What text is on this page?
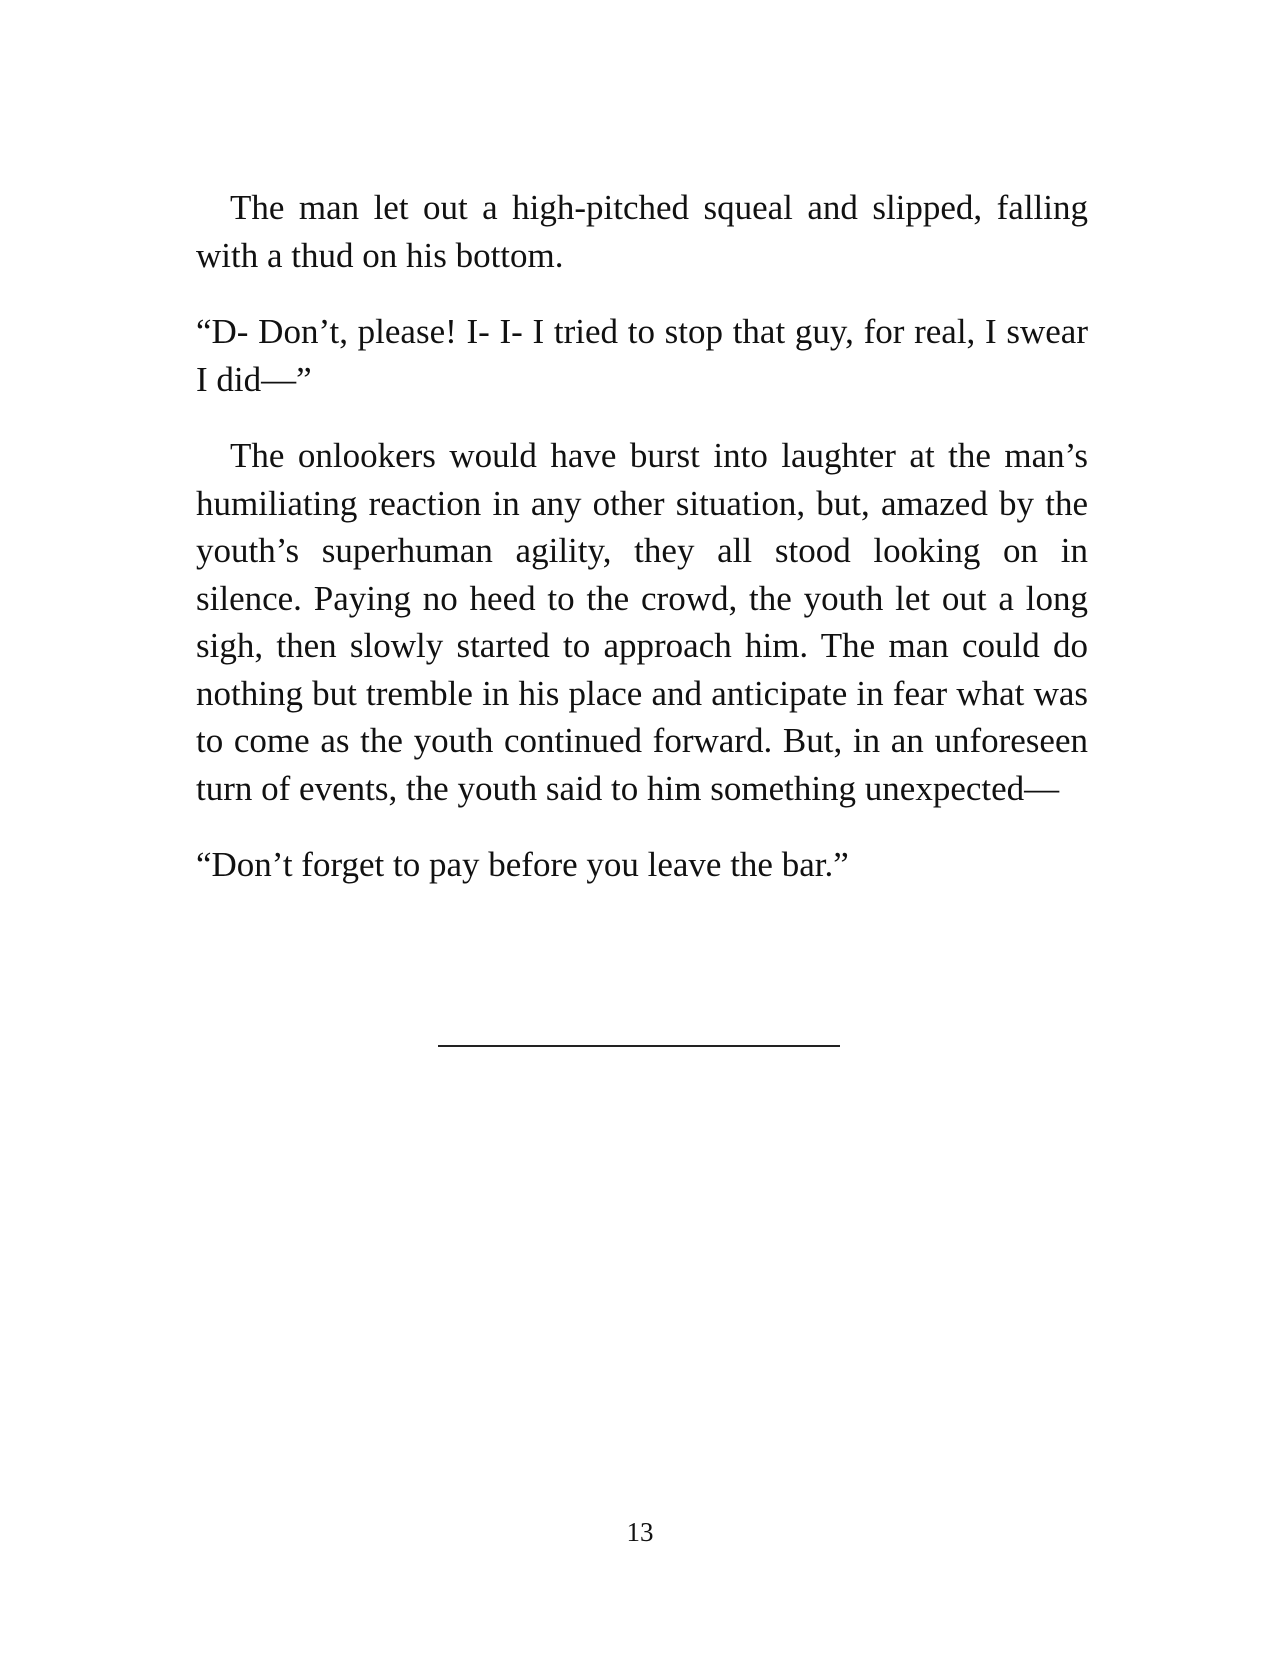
The man let out a high-pitched squeal and slipped, falling with a thud on his bottom.

“D- Don’t, please! I- I- I tried to stop that guy, for real, I swear I did—”

The onlookers would have burst into laughter at the man’s humiliating reaction in any other situation, but, amazed by the youth’s superhuman agility, they all stood looking on in silence. Paying no heed to the crowd, the youth let out a long sigh, then slowly started to approach him. The man could do nothing but tremble in his place and anticipate in fear what was to come as the youth continued forward. But, in an unforeseen turn of events, the youth said to him something unexpected—

“Don’t forget to pay before you leave the bar.”

13
